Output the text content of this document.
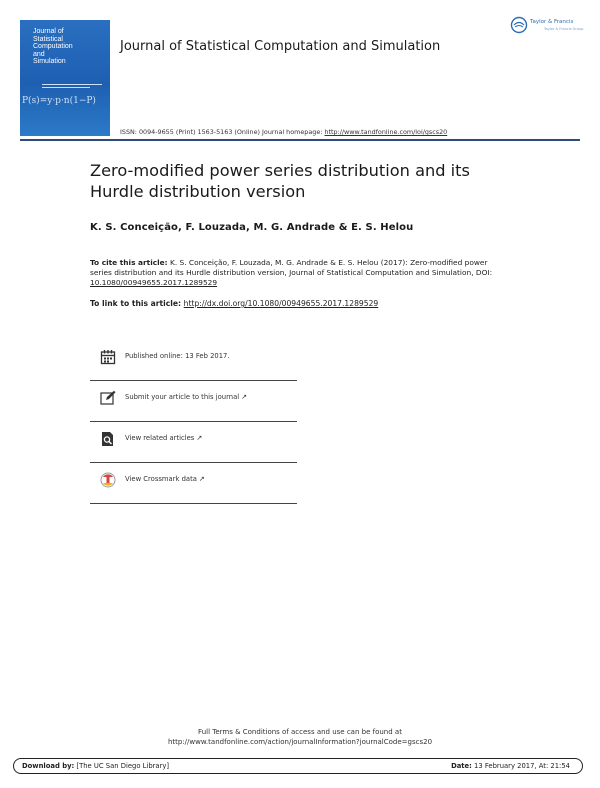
Journal of
Statistical
Computation
and
Simulation
P(s)=y·p·n(1−P)
Journal of Statistical Computation and Simulation
Taylor & Francis
Taylor & Francis Group
ISSN: 0094-9655 (Print) 1563-5163 (Online) Journal homepage: http://www.tandfonline.com/loi/gscs20
Zero-modified power series distribution and its Hurdle distribution version
K. S. Conceição, F. Louzada, M. G. Andrade & E. S. Helou
To cite this article: K. S. Conceição, F. Louzada, M. G. Andrade & E. S. Helou (2017): Zero-modified power series distribution and its Hurdle distribution version, Journal of Statistical Computation and Simulation, DOI: 10.1080/00949655.2017.1289529
To link to this article: http://dx.doi.org/10.1080/00949655.2017.1289529
Published online: 13 Feb 2017.
Submit your article to this journal ↗
View related articles ↗
View Crossmark data ↗
Full Terms & Conditions of access and use can be found at
http://www.tandfonline.com/action/journalInformation?journalCode=gscs20
Download by: [The UC San Diego Library]	Date: 13 February 2017, At: 21:54
